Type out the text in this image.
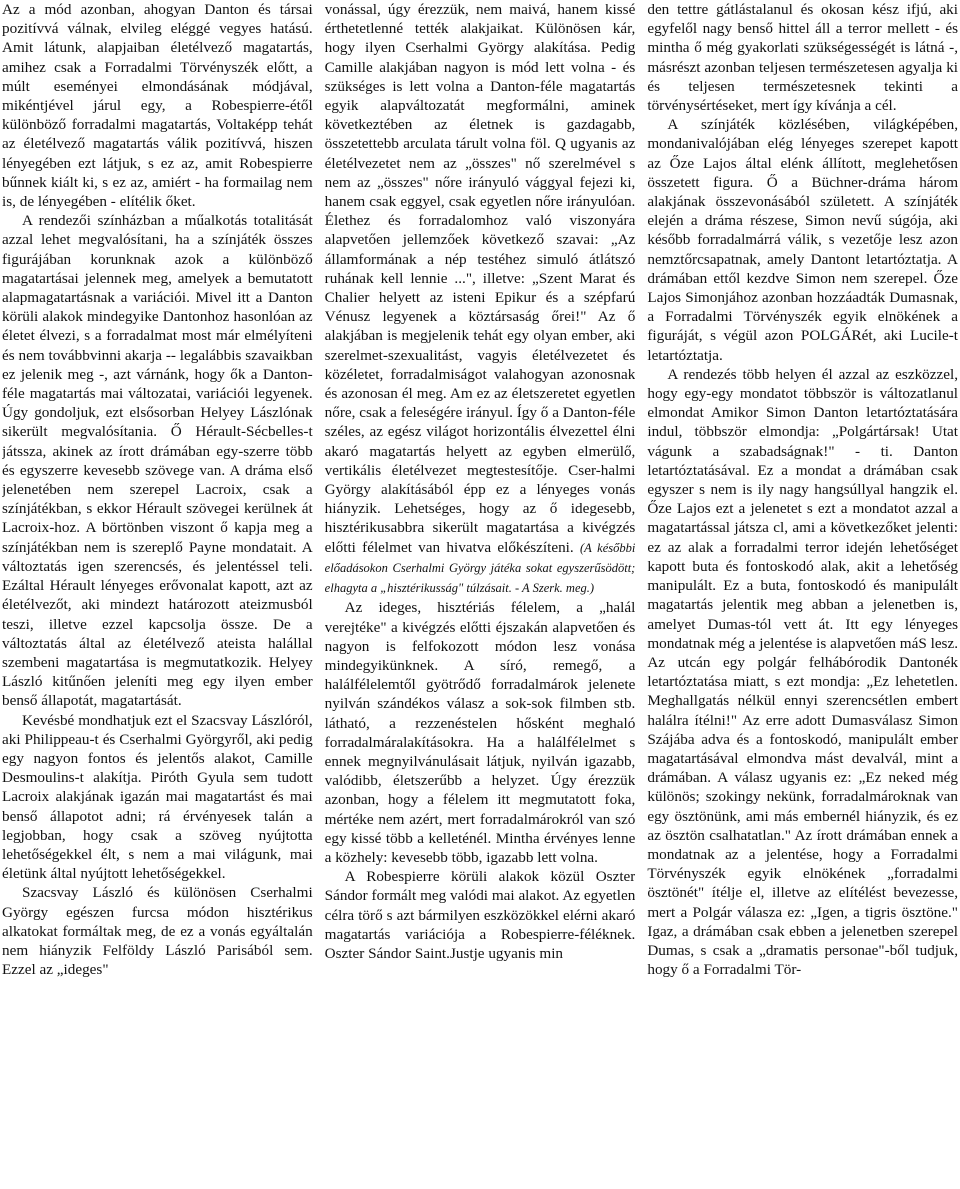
Az a mód azonban, ahogyan Danton és társai pozitívvá válnak, elvileg eléggé vegyes hatású. Amit látunk, alapjaiban életélvező magatartás, amihez csak a Forradalmi Törvényszék előtt, a múlt eseményei elmondásának módjával, mikéntjével járul egy, a Robespierre-étől különböző forradalmi magatartás, Voltaképp tehát az életélvező magatartás válik pozitívvá, hiszen lényegében ezt látjuk, s ez az, amit Robespierre bűnnek kiált ki, s ez az, amiért - ha formailag nem is, de lényegében - elítélik őket.

A rendezői színházban a műalkotás totalitását azzal lehet megvalósítani, ha a színjáték összes figurájában korunknak azok a különböző magatartásai jelennek meg, amelyek a bemutatott alapmagatartásnak a variációi. Mivel itt a Danton körüli alakok mindegyike Dantonhoz hasonlóan az életet élvezi, s a forradalmat most már elmélyíteni és nem továbbvinni akarja -- legalábbis szavaikban ez jelenik meg -, azt várnánk, hogy ők a Danton-féle magatartás mai változatai, variációi legyenek. Úgy gondoljuk, ezt elsősorban Helyey Lászlónak sikerült megvalósítania. Ő Hérault-Sécbelles-t játssza, akinek az írott drámában egy-szerre több és egyszerre kevesebb szövege van. A dráma első jelenetében nem szerepel Lacroix, csak a színjátékban, s ekkor Hérault szövegei kerülnek át Lacroix-hoz. A börtönben viszont ő kapja meg a színjátékban nem is szereplő Payne mondatait. A változtatás igen szerencsés, és jelentéssel teli. Ezáltal Hérault lényeges erővonalat kapott, azt az életélvezőt, aki mindezt határozott ateizmusból teszi, illetve ezzel kapcsolja össze. De a változtatás által az életélvező ateista halállal szembeni magatartása is megmutatkozik. Helyey László kitűnően jeleníti meg egy ilyen ember benső állapotát, magatartását.

Kevésbé mondhatjuk ezt el Szacsvay Lászlóról, aki Philippeau-t és Cserhalmi Györgyről, aki pedig egy nagyon fontos és jelentős alakot, Camille Desmoulins-t alakítja. Piróth Gyula sem tudott Lacroix alakjának igazán mai magatartást és mai benső állapotot adni; rá érvényesek talán a legjobban, hogy csak a szöveg nyújtotta lehetőségekkel élt, s nem a mai világunk, mai életünk által nyújtott lehetőségekkel.

Szacsvay László és különösen Cserhalmi György egészen furcsa módon hisztérikus alkatokat formáltak meg, de ez a vonás egyáltalán nem hiányzik Felföldy László Parisából sem. Ezzel az „ideges"

vonással, úgy érezzük, nem maivá, hanem kissé érthetetlenné tették alakjaikat. Különösen kár, hogy ilyen Cserhalmi György alakítása. Pedig Camille alakjában nagyon is mód lett volna - és szükséges is lett volna a Danton-féle magatartás egyik alapváltozatát megformálni, aminek következtében az életnek is gazdagabb, összetettebb arculata tárult volna föl. Q ugyanis az életélvezetet nem az „összes" nő szerelmével s nem az „összes" nőre irányuló vággyal fejezi ki, hanem csak eggyel, csak egyetlen nőre irányulóan. Élethez és forradalomhoz való viszonyára alapvetően jellemzőek következő szavai: „Az államformának a nép testéhez simuló átlátszó ruhának kell lennie ...", illetve: „Szent Marat és Chalier helyett az isteni Epikur és a szépfarú Vénusz legyenek a köztársaság őrei!" Az ő alakjában is megjelenik tehát egy olyan ember, aki szerelmet-szexualitást, vagyis életélvezetet és közéletet, forradalmiságot valahogyan azonosnak és azonosan él meg. Am ez az életszeretet egyetlen nőre, csak a feleségére irányul. Így ő a Danton-féle széles, az egész világot horizontális élvezettel élni akaró magatartás helyett az egyben elmerülő, vertikális életélvezet megtestesítője. Cser-halmi György alakításából épp ez a lényeges vonás hiányzik. Lehetséges, hogy az ő idegesebb, hisztérikusabbra sikerült magatartása a kivégzés előtti félelmet van hivatva előkészíteni. (A későbbi előadásokon Cserhalmi György játéka sokat egyszerűsödött; elhagyta a „hisztérikusság" túlzásait. - A Szerk. meg.)

Az ideges, hisztériás félelem, a „halál verejtéke" a kivégzés előtti éjszakán alapvetően és nagyon is felfokozott módon lesz vonása mindegyikünknek. A síró, remegő, a halálfélelemtől gyötrődő forradalmárok jelenete nyilván szándékos válasz a sok-sok filmben stb. látható, a rezzenéstelen hősként meghaló forradalmáralakításokra. Ha a halálfélelmet s ennek megnyilvánulásait látjuk, nyilván igazabb, valódibb, életszerűbb a helyzet. Úgy érezzük azonban, hogy a félelem itt megmutatott foka, mértéke nem azért, mert forradalmárokról van szó egy kissé több a kelleténél. Mintha érvényes lenne a közhely: kevesebb több, igazabb lett volna.

A Robespierre körüli alakok közül Oszter Sándor formált meg valódi mai alakot. Az egyetlen célra törő s azt bármilyen eszközökkel elérni akaró magatartás variációja a Robespierre-féléknek. Oszter Sándor Saint.Justje ugyanis min

den tettre gátlástalanul és okosan kész ifjú, aki egyfelől nagy benső hittel áll a terror mellett - és mintha ő még gyakorlati szükségességét is látná -, másrészt azonban teljesen természetesen agyalja ki és teljesen természetesnek tekinti a törvénysértéseket, mert így kívánja a cél.

A színjáték közlésében, világképében, mondanivalójában elég lényeges szerepet kapott az Őze Lajos által elénk állított, meglehetősen összetett figura. Ő a Büchner-dráma három alakjának összevonásából született. A színjáték elején a dráma részese, Simon nevű súgója, aki később forradalmárrá válik, s vezetője lesz azon nemztőrcsapatnak, amely Dantont letartóztatja. A drámában ettől kezdve Simon nem szerepel. Őze Lajos Simonjához azonban hozzáadták Dumasnak, a Forradalmi Törvényszék egyik elnökének a figuráját, s végül azon POLGÁRét, aki Lucile-t letartóztatja.

A rendezés több helyen él azzal az eszközzel, hogy egy-egy mondatot többször is változatlanul elmondat Amikor Simon Danton letartóztatására indul, többször elmondja: „Polgártársak! Utat vágunk a szabadságnak!" - ti. Danton letartóztatásával. Ez a mondat a drámában csak egyszer s nem is ily nagy hangsúllyal hangzik el. Őze Lajos ezt a jelenetet s ezt a mondatot azzal a magatartással játsza cl, ami a következőket jelenti: ez az alak a forradalmi terror idején lehetőséget kapott buta és fontoskodó alak, akit a lehetőség manipulált. Ez a buta, fontoskodó és manipulált magatartás jelentik meg abban a jelenetben is, amelyet Dumas-tól vett át. Itt egy lényeges mondatnak még a jelentése is alapvetően máS lesz. Az utcán egy polgár felhábórodik Dantonék letartóztatása miatt, s ezt mondja: „Ez lehetetlen. Meghallgatás nélkül ennyi szerencsétlen embert halálra ítélni!" Az erre adott Dumasválasz Simon Szájába adva és a fontoskodó, manipulált ember magatartásával elmondva mást devalvál, mint a drámában. A válasz ugyanis ez: „Ez neked még különös; szokingy nekünk, forradalmároknak van egy ösztönünk, ami más embernél hiányzik, és ez az ösztön csalhatatlan." Az írott drámában ennek a mondatnak az a jelentése, hogy a Forradalmi Törvényszék egyik elnökének „forradalmi ösztönét" ítélje el, illetve az elítélést bevezesse, mert a Polgár válasza ez: „Igen, a tigris ösztöne." Igaz, a drámában csak ebben a jelenetben szerepel Dumas, s csak a „dramatis personae"-ből tudjuk, hogy ő a Forradalmi Tör-
